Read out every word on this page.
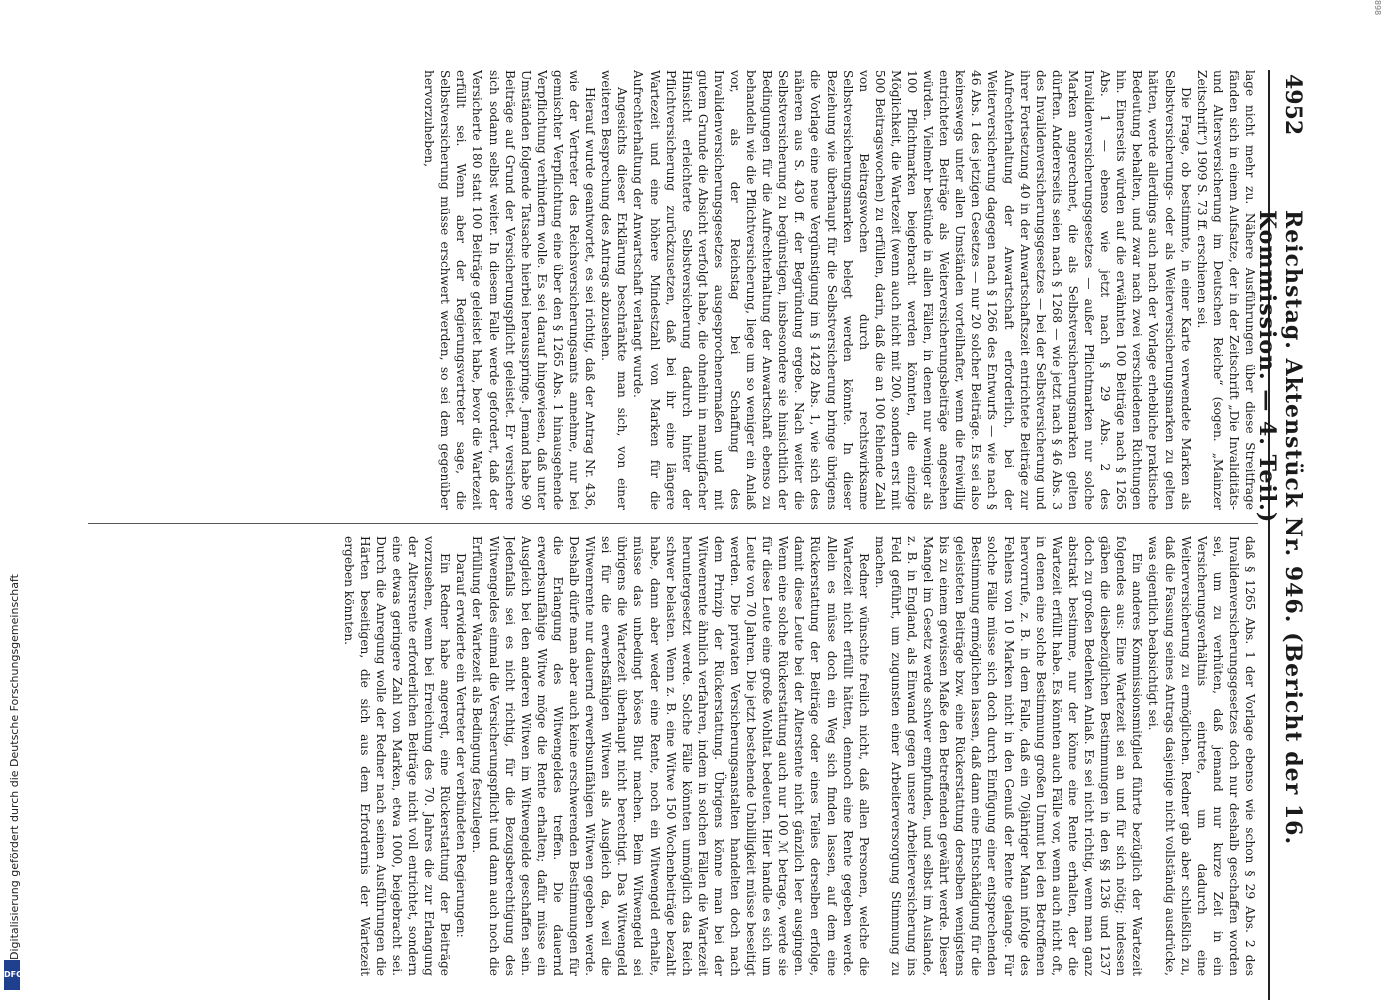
4952
Reichstag. Aktenstück Nr. 946. (Bericht der 16. Kommission. — 4. Teil.)

lage nicht mehr zu. Nähere Ausführungen über diese Streitfrage fänden sich in einem Aufsatze, der in der Zeitschrift „Die Invaliditäts- und Altersversicherung im Deutschen Reiche“ (sogen. „Mainzer Zeitschrift“) 1909 S. 73 ff. erschienen sei.

Die Frage, ob bestimmte, in einer Karte verwendete Marken als Selbstversicherungs- oder als Weiterversicherungsmarken zu gelten hätten, werde allerdings auch nach der Vorlage erhebliche praktische Bedeutung behalten, und zwar nach zwei verschiedenen Richtungen hin. Einerseits würden auf die erwähnten 100 Beiträge nach § 1265 Abs. 1 — ebenso wie jetzt nach § 29 Abs. 2 des Invalidenversicherungsgesetzes — außer Pflichtmarken nur solche Marken angerechnet, die als Selbstversicherungsmarken gelten dürften. Andererseits seien nach § 1268 — wie jetzt nach § 46 Abs. 3 des Invalidenversicherungsgesetzes — bei der Selbstversicherung und ihrer Fortsetzung 40 in der Anwartschaftszeit entrichtete Beiträge zur Aufrechterhaltung der Anwartschaft erforderlich, bei der Weiterversicherung dagegen nach § 1266 des Entwurfs — wie nach § 46 Abs. 1 des jetzigen Gesetzes — nur 20 solcher Beiträge. Es sei also keineswegs unter allen Umständen vorteilhafter, wenn die freiwillig entrichteten Beiträge als Weiterversicherungsbeiträge angesehen würden. Vielmehr bestünde in allen Fällen, in denen nur weniger als 100 Pflichtmarken beigebracht werden könnten, die einzige Möglichkeit, die Wartezeit (wenn auch nicht mit 200, sondern erst mit 500 Beitragswochen) zu erfüllen, darin, daß die an 100 fehlende Zahl von Beitragswochen durch rechtswirksame Selbstversicherungsmarken belegt werden könnte. In dieser Beziehung wie überhaupt für die Selbstversicherung bringe übrigens die Vorlage eine neue Vergünstigung im § 1428 Abs. 1, wie sich des näheren aus S. 430 ff. der Begründung ergebe. Nach weiter die Selbstversicherung zu begünstigen, insbesondere sie hinsichtlich der Bedingungen für die Aufrechterhaltung der Anwartschaft ebenso zu behandeln wie die Pflichtversicherung, liege um so weniger ein Anlaß vor, als der Reichstag bei Schaffung des Invalidenversicherungsgesetzes ausgesprochenermaßen und mit gutem Grunde die Absicht verfolgt habe, die ohnehin in mannigfacher Hinsicht erleichterte Selbstversicherung dadurch hinter der Pflichtversicherung zurückzusetzen, daß bei ihr eine längere Wartezeit und eine höhere Mindestzahl von Marken für die Aufrechterhaltung der Anwartschaft verlangt wurde.

Angesichts dieser Erklärung beschränkte man sich, von einer weiteren Besprechung des Antrags abzusehen.

Hierauf wurde geantwortet, es sei richtig, daß der Antrag Nr. 436, wie der Vertreter des Reichsversicherungsamts annehme, nur bei gemischter Verpflichtung eine über den § 1265 Abs. 1 hinausgehende Verpflichtung verhindern wolle. Es sei darauf hingewiesen, daß unter Umständen folgende Tatsache hierbei herausspringe. Jemand habe 90 Beiträge auf Grund der Versicherungspflicht geleistet. Er versichere sich sodann selbst weiter. In diesem Falle werde gefordert, daß der Versicherte 180 statt 100 Beiträge geleistet habe, bevor die Wartezeit erfüllt sei. Wenn aber der Regierungsvertreter sage, die Selbstversicherung müsse erschwert werden, so sei dem gegenüber hervorzuheben,

daß § 1265 Abs. 1 der Vorlage ebenso wie schon § 29 Abs. 2 des Invalidenversicherungsgesetzes doch nur deshalb geschaffen worden sei, um zu verhüten, daß jemand nur kurze Zeit in ein Versicherungsverhältnis eintrete, um dadurch eine Weiterversicherung zu ermöglichen. Redner gab aber schließlich zu, daß die Fassung seines Antrags dasjenige nicht vollständig ausdrücke, was eigentlich beabsichtigt sei.

Ein anderes Kommissionsmitglied führte bezüglich der Wartezeit folgendes aus: Eine Wartezeit sei an und für sich nötig; indessen gäben die diesbezüglichen Bestimmungen in den §§ 1236 und 1237 doch zu großen Bedenken Anlaß. Es sei nicht richtig, wenn man ganz abstrakt bestimme, nur der könne eine Rente erhalten, der die Wartezeit erfüllt habe. Es könnten auch Fälle vor, wenn auch nicht oft, in denen eine solche Bestimmung großen Unmut bei den Betroffenen hervorrufe, z. B. in dem Falle, daß ein 70jähriger Mann infolge des Fehlens von 10 Marken nicht in den Genuß der Rente gelange. Für solche Fälle müsse sich doch durch Einfügung einer entsprechenden Bestimmung ermöglichen lassen, daß dann eine Entschädigung für die geleisteten Beiträge bzw. eine Rückerstattung derselben wenigstens bis zu einem gewissen Maße den Betreffenden gewährt werde. Dieser Mangel im Gesetz werde schwer empfunden, und selbst im Auslande, z. B. in England, als Einwand gegen unsere Arbeiterversicherung ins Feld geführt, um zugunsten einer Arbeiterversorgung Stimmung zu machen.

Redner wünschte freilich nicht, daß allen Personen, welche die Wartezeit nicht erfüllt hätten, dennoch eine Rente gegeben werde. Allein es müsse doch ein Weg sich finden lassen, auf dem eine Rückerstattung der Beiträge oder eines Teiles derselben erfolge, damit diese Leute bei der Alterstente nicht gänzlich leer ausgingen. Wenn eine solche Rückerstattung auch nur 100 ℳ betrage, werde sie für diese Leute eine große Wohltat bedeuten. Hier handle es sich um Leute von 70 Jahren. Die jetzt bestehende Unbilligkeit müsse beseitigt werden. Die privaten Versicherungsanstalten handelten doch nach dem Prinzip der Rückerstattung. Übrigens könne man bei der Witwenrente ähnlich verfahren, indem in solchen Fällen die Wartezeit heruntergesetzt werde. Solche Fälle könnten unmöglich das Reich schwer belasten. Wenn z. B. eine Witwe 150 Wochenbeiträge bezahlt habe, dann aber weder eine Rente, noch ein Witwengeld erhalte, müsse das unbedingt böses Blut machen. Beim Witwengeld sei übrigens die Wartezeit überhaupt nicht berechtigt. Das Witwengeld sei für die erwerbsfähigen Witwen als Ausgleich da, weil die Witwenrente nur dauernd erwerbsunfähigen Witwen gegeben werde. Deshalb dürfe man aber auch keine erschwerenden Bestimmungen für die Erlangung des Witwengeldes treffen. Die dauernd erwerbsunfähige Witwe möge die Rente erhalten; dafür müsse ein Ausgleich bei den anderen Witwen im Witwengelde geschaffen sein. Jedenfalls sei es nicht richtig, für die Bezugsberechtigung des Witwengeldes einmal die Versicherungspflicht und dann auch noch die Erfüllung der Wartezeit als Bedingung festzulegen.

Darauf erwiderte ein Vertreter der verbündeten Regierungen:

Ein Redner habe angeregt, eine Rückerstattung der Beiträge vorzusehen, wenn bei Erreichung des 70. Jahres die zur Erlangung der Altersrente erforderlichen Beiträge nicht voll entrichtet, sondern eine etwas geringere Zahl von Marken, etwa 1000, beigebracht sei. Durch die Anregung wolle der Redner nach seinen Ausführungen die Härten beseitigen, die sich aus dem Erfordernis der Wartezeit ergeben könnten.

Digitalisierung gefördert durch die Deutsche Forschungsgemeinschaft
DFG
898
